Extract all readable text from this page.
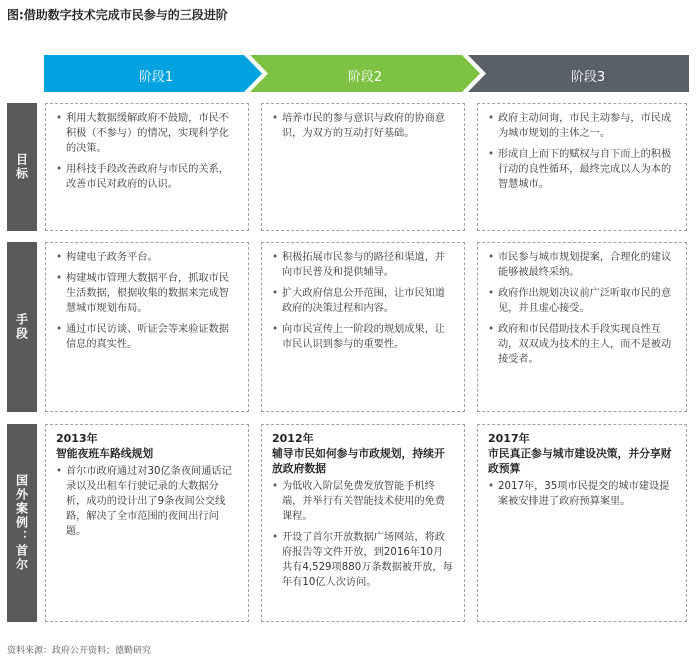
图:借助数字技术完成市民参与的三段进阶
阶段1	阶段2	阶段3
目标
• 利用大数据缓解政府不鼓励，市民不积极（不参与）的情况，实现科学化的决策。
• 用科技手段改善政府与市民的关系，改善市民对政府的认识。
• 培养市民的参与意识与政府的协商意识，为双方的互动打好基础。
• 政府主动问询，市民主动参与，市民成为城市规划的主体之一。
• 形成自上而下的赋权与自下而上的积极行动的良性循环，最终完成以人为本的智慧城市。
手段
• 构建电子政务平台。
• 构建城市管理大数据平台，抓取市民生活数据，根据收集的数据来完成智慧城市规划布局。
• 通过市民访谈、听证会等来验证数据信息的真实性。
• 积极拓展市民参与的路径和渠道，并向市民普及和提供辅导。
• 扩大政府信息公开范围，让市民知道政府的决策过程和内容。
• 向市民宣传上一阶段的规划成果，让市民认识到参与的重要性。
• 市民参与城市规划提案，合理化的建议能够被最终采纳。
• 政府作出规划决议前广泛听取市民的意见，并且虚心接受。
• 政府和市民借助技术手段实现良性互动，双双成为技术的主人，而不是被动接受者。
国外案例：首尔
2013年
智能夜班车路线规划
• 首尔市政府通过对30亿条夜间通话记录以及出租车行驶记录的大数据分析，成功的设计出了9条夜间公交线路，解决了全市范围的夜间出行问题。
2012年
辅导市民如何参与市政规划，持续开放政府数据
• 为低收入阶层免费发放智能手机终端，并举行有关智能技术使用的免费课程。
• 开设了首尔开放数据广场网站，将政府报告等文件开放，到2016年10月 共有4,529项880万条数据被开放，每年有10亿人次访问。
2017年
市民真正参与城市建设决策，并分享财政预算
• 2017年，35项市民提交的城市建设提案被安排进了政府预算案里。
资料来源：政府公开资料；德勤研究
